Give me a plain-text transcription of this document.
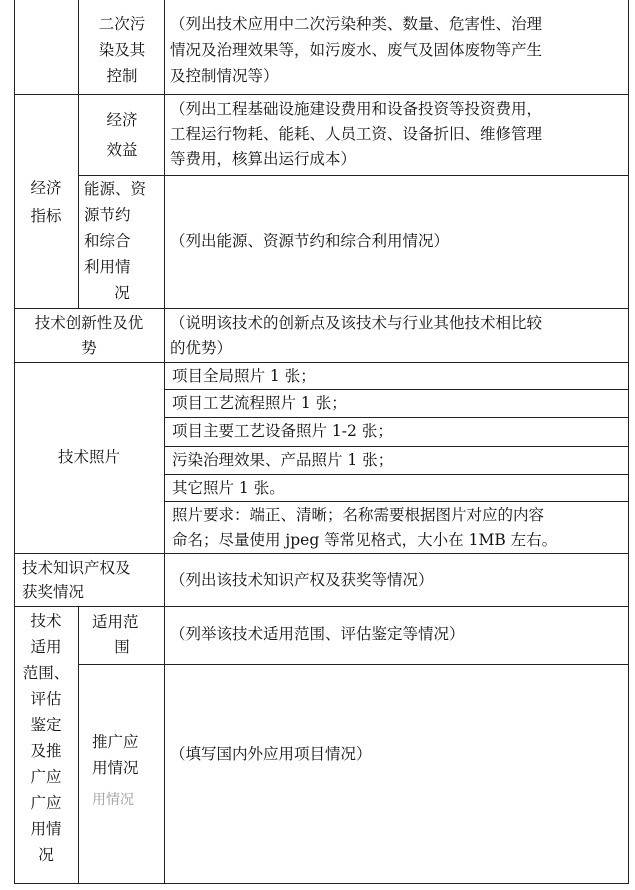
二次污
染及其
控制
（列出技术应用中二次污染种类、数量、危害性、治理
情况及治理效果等，如污废水、废气及固体废物等产生
及控制情况等）
经济
指标
经济
效益
（列出工程基础设施建设费用和设备投资等投资费用，
工程运行物耗、能耗、人员工资、设备折旧、维修管理
等费用，核算出运行成本）
能源、资
源节约
和综合
利用情
况
（列出能源、资源节约和综合利用情况）
技术创新性及优
势
（说明该技术的创新点及该技术与行业其他技术相比较
的优势）
技术照片
项目全局照片 1 张；
项目工艺流程照片 1 张；
项目主要工艺设备照片 1-2 张；
污染治理效果、产品照片 1 张；
其它照片 1 张。
照片要求：端正、清晰；名称需要根据图片对应的内容
命名；尽量使用 jpeg 等常见格式，大小在 1MB 左右。
技术知识产权及
获奖情况
（列出该技术知识产权及获奖等情况）
技术
适用
范围、
评估
鉴定
及推
广应
广应
用情
况
适用范
围
（列举该技术适用范围、评估鉴定等情况）
推广应
用情况
用情况
（填写国内外应用项目情况）
